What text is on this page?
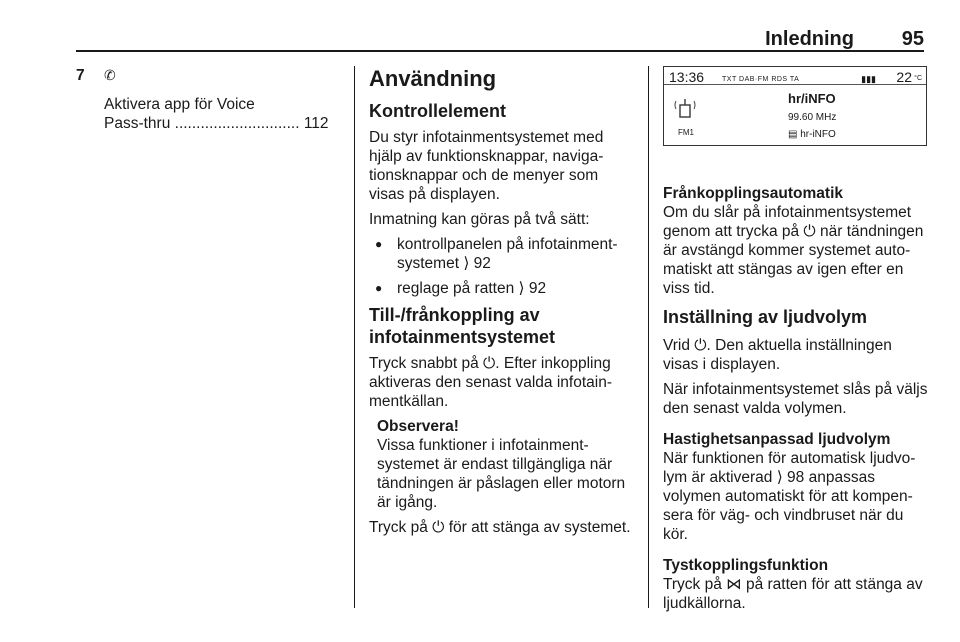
Inledning 95
7	✆

Aktivera app för Voice

Pass-thru ............................. 112

Användning
Kontrollelement

Du styr infotainmentsystemet med hjälp av funktionsknappar, naviga-tionsknappar och de menyer som visas på displayen.

Inmatning kan göras på två sätt:

● kontrollpanelen på infotainment-systemet ⟩ 92
● reglage på ratten ⟩ 92
Till-/frånkoppling av infotainmentsystemet

Tryck snabbt på ⏻. Efter inkoppling aktiveras den senast valda infotain-mentkällan.

Observera!
Vissa funktioner i infotainment-systemet är endast tillgängliga när tändningen är påslagen eller motorn är igång.

Tryck på ⏻ för att stänga av systemet.

13:36	TXT DAB·FM RDS TA	▮▮▮ 22 °C
FM1
hr/iNFO
99.60 MHz
▤ hr-iNFO
Frånkopplingsautomatik

Om du slår på infotainmentsystemet genom att trycka på ⏻ när tändningen är avstängd kommer systemet auto-matiskt att stängas av igen efter en viss tid.

Inställning av ljudvolym

Vrid ⏻. Den aktuella inställningen visas i displayen.

När infotainmentsystemet slås på väljs den senast valda volymen.

Hastighetsanpassad ljudvolym

När funktionen för automatisk ljudvo-lym är aktiverad ⟩ 98 anpassas volymen automatiskt för att kompen-sera för väg- och vindbruset när du kör.

Tystkopplingsfunktion

Tryck på ⋈ på ratten för att stänga av ljudkällorna.
